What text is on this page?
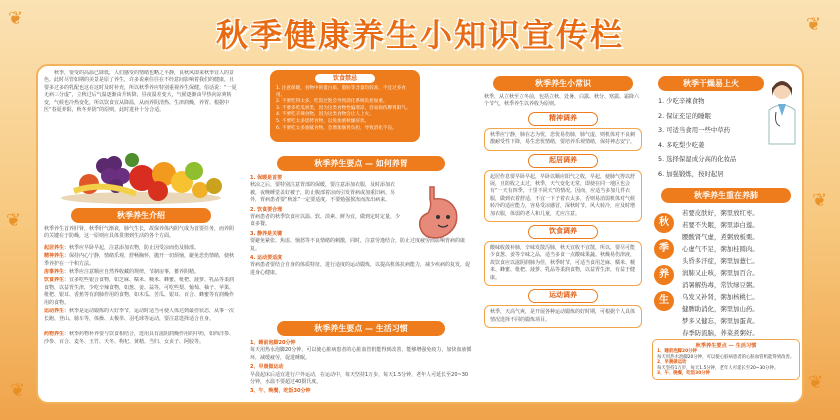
❦
❦
❦
❦
❦
❦
秋季健康养生小知识宣传栏
秋季，要受的高温已降低，人们感受的情绪也略之平静，良秋风即来秋季宜人的景色。此时尽管如期的美景是原了养生，许多说素住往在不经意间影响着我们的健康，且要多过多的乳配也这在这时及时补充，所以秋季养应特别重视养生保健。俗话说：“一夏无病三分虚”，立秋过后气温逐渐由升转降，昼夜温差变大，气候逐渐由早热向凉爽转变，气候也冷热变化，所以饮食宜从降温，从而养阴清热、生津润燥，养胃。根据中医“春夏养阳，秋冬养阴”的原则，此时进补十分合适。
秋季养生介绍
秋季养生首养肝肾，秋季肝气渐衰，肺气生长，故保养体内阴气成为首要任务，而养阴的关键在于防燥，这一原则应具体贯彻到生活的各个方面。
起居养生：秋季应早卧早起，注意添加衣物，防止因受凉而伤及肺部。
精神养生：保持内心宁静，情绪乐观，舒畅胸怀，抛开一切烦恼，避免悲伤情绪，使秋季养护在一个积方法。
房事养生：秋季应注意顺应自然界收藏的规律，节制房事，蓄养阴精。
饮食养生：宜多吃些银合食物，如芝麻、糯米、粳米、蜂蜜、枇杷、菠萝、乳品等柔润食物，以益胃生津，少吃辛辣食物，如葱、姜、蒜等，可吃些梨、葡萄、柚子、苹果、枇杷、银耳、香蕉等有润肺作用的食物，如木瓜、苦瓜、银耳、百合、蜂蜜等有润燥作用的食物。
运动养生：秋季是运动锻炼的大好季节，运动时适当可使人体达到最佳状态，从事一次长跑、登山、骑车等，体操、太极拳、羽毛球等运动，要注意选择适合自身。
药物养生：秋季药物补养要与饮食相结合，选用具有滋阴润燥作用的中药，如西洋参、沙参、百合、麦冬、玉竹、天冬、枸杞、黄精、当归、女贞子、阿胶等。
饮食禁忌
1. 注意保暖，食物中的蛋白质、脂肪等含量均较高，不宜过多食用。
2. 不要吃得太多，吃饭过饱会导致消化系统负担加重。
3. 不要多吃瓜果类，因为这类食物性偏寒凉，容易损伤脾胃阳气。
4. 不要吃辛辣食物，因为这类食物会让人上火。
5. 不要吃太多烧烤食物，以免加重秋燥症状。
6. 不要吃太多油腻食物，会增加肠胃负担，导致消化不良。
秋季养生要点 — 如何养胃
1. 保暖是首要
秋凉之后，要特别注意胃部的保暖，要注意添加衣服，及时添加衣被，夜晚睡觉盖好被子，防止腹部着凉而引发胃病或加重旧病。另外，胃病患者要“秋冻”一定要适度，不要勉强挨冻而冻出病来。
2. 饮食要合理
胃病患者的秋季饮食应以温、软、淡素、鲜为宜，做到定时定量，少食多餐。
3. 静养是关键
要避免紧张、焦虑、恼怒等不良情绪的刺激，同时，注意劳逸结合，防止过度疲劳而影响胃病的康复。
4. 运动要适度
胃病患者要结合自身的体质特征，进行适度的运动锻炼，以提高机体抗病能力，减少疾病的复发，促进身心健康。
秋季养生要点 — 生活习惯
1、睡前泡脚20分钟
每天用热水泡脚20分钟，可以使心脏病患者的心脏血管机能得到改善，能够增强免疫力，加快血液循环，减缓疲劳，促进睡眠。
2、早晨做运动
早晨起床后适宜进行户外运动，在运动中，每天坚持1万步，每天1.5分钟，老年人可延长至20~30分钟，水温不要超过40摄氏度。
3、午、晚餐，吃饭30分钟
秋季养生小常识
秋季，从立秋至立冬前，包括立秋、处暑、白露、秋分、寒露、霜降六个节气，秋季养生以养收为原则。
精神调养
秋季应宁静，肺在志为忧，悲忧易伤肺，肺气虚，则机体对不良刺激耐受性下降，易生悲忧情绪，要培养乐观情绪，保持神志安宁。
起居调养
起居作息要早卧早起，早卧以顺应阳气之收，早起，使肺气得以舒展，且防收之太过，秋季，天气变化无常，即使在同一地区也会有“一天有四季，十里不同天”的情况。因而，应适当多加几件衣服，做到衣着舒适，不宜一下子着衣太多，否则易消弱机体对气候转冷的适应能力，容易受凉感冒，深秋时节，风大转冷，应及时增加衣服，体弱的老人和儿童，尤应注意。
饮食调养
酸味收敛补肺，辛味发散泻肺，秋天宜收不宜散，所以，要尽可能少食葱、姜等辛味之品，适当多食一点酸味果蔬。秋燥易伤津液，故饮食应以滋阴润肺为佳，秋季时节，可适当食用芝麻、糯米、粳米、蜂蜜、枇杷、菠萝、乳品等柔润食物，以益胃生津，有益于健康。
运动调养
秋季，天高气爽，是开展各种运动锻炼的好时期，可根据个人具体情况选择不同的锻炼项目。
秋季干燥易上火
1. 少吃辛辣食物
2. 保证充足的睡眠
3. 可适当食用一些中草药
4. 多吃梨少吃姜
5. 选择保湿成分高的化妆品
6. 加强锻炼，按时起居
秋季养生重在养肺
秋
季
养
生
若要皮肤好，粥里放红枣。
若要不失眠，粥里添白莲。
腰酸肾气虚，煮粥放板栗。
心虚气不足，粥加桂圆肉。
头昏多汗症，粥里加薏仁。
润肺又止咳，粥里加百合。
消暑解热毒，常饮绿豆粥。
乌发又补肾，粥加核桃仁。
健脾助消化，粥里加山药。
梦多又健忘，粥里加蛋黄。
春季防流脑，荞菜煮粥好。
秋季养生要点 — 生活习惯
1、睡前泡脚20分钟
每天用热水泡脚20分钟，可以使心脏病患者的心脏血管机能得到改善。
2、早晨做运动
每天坚持1万步，每天1.5分钟，老年人可延长至20~30分钟。
3、午、晚餐，吃饭30分钟
